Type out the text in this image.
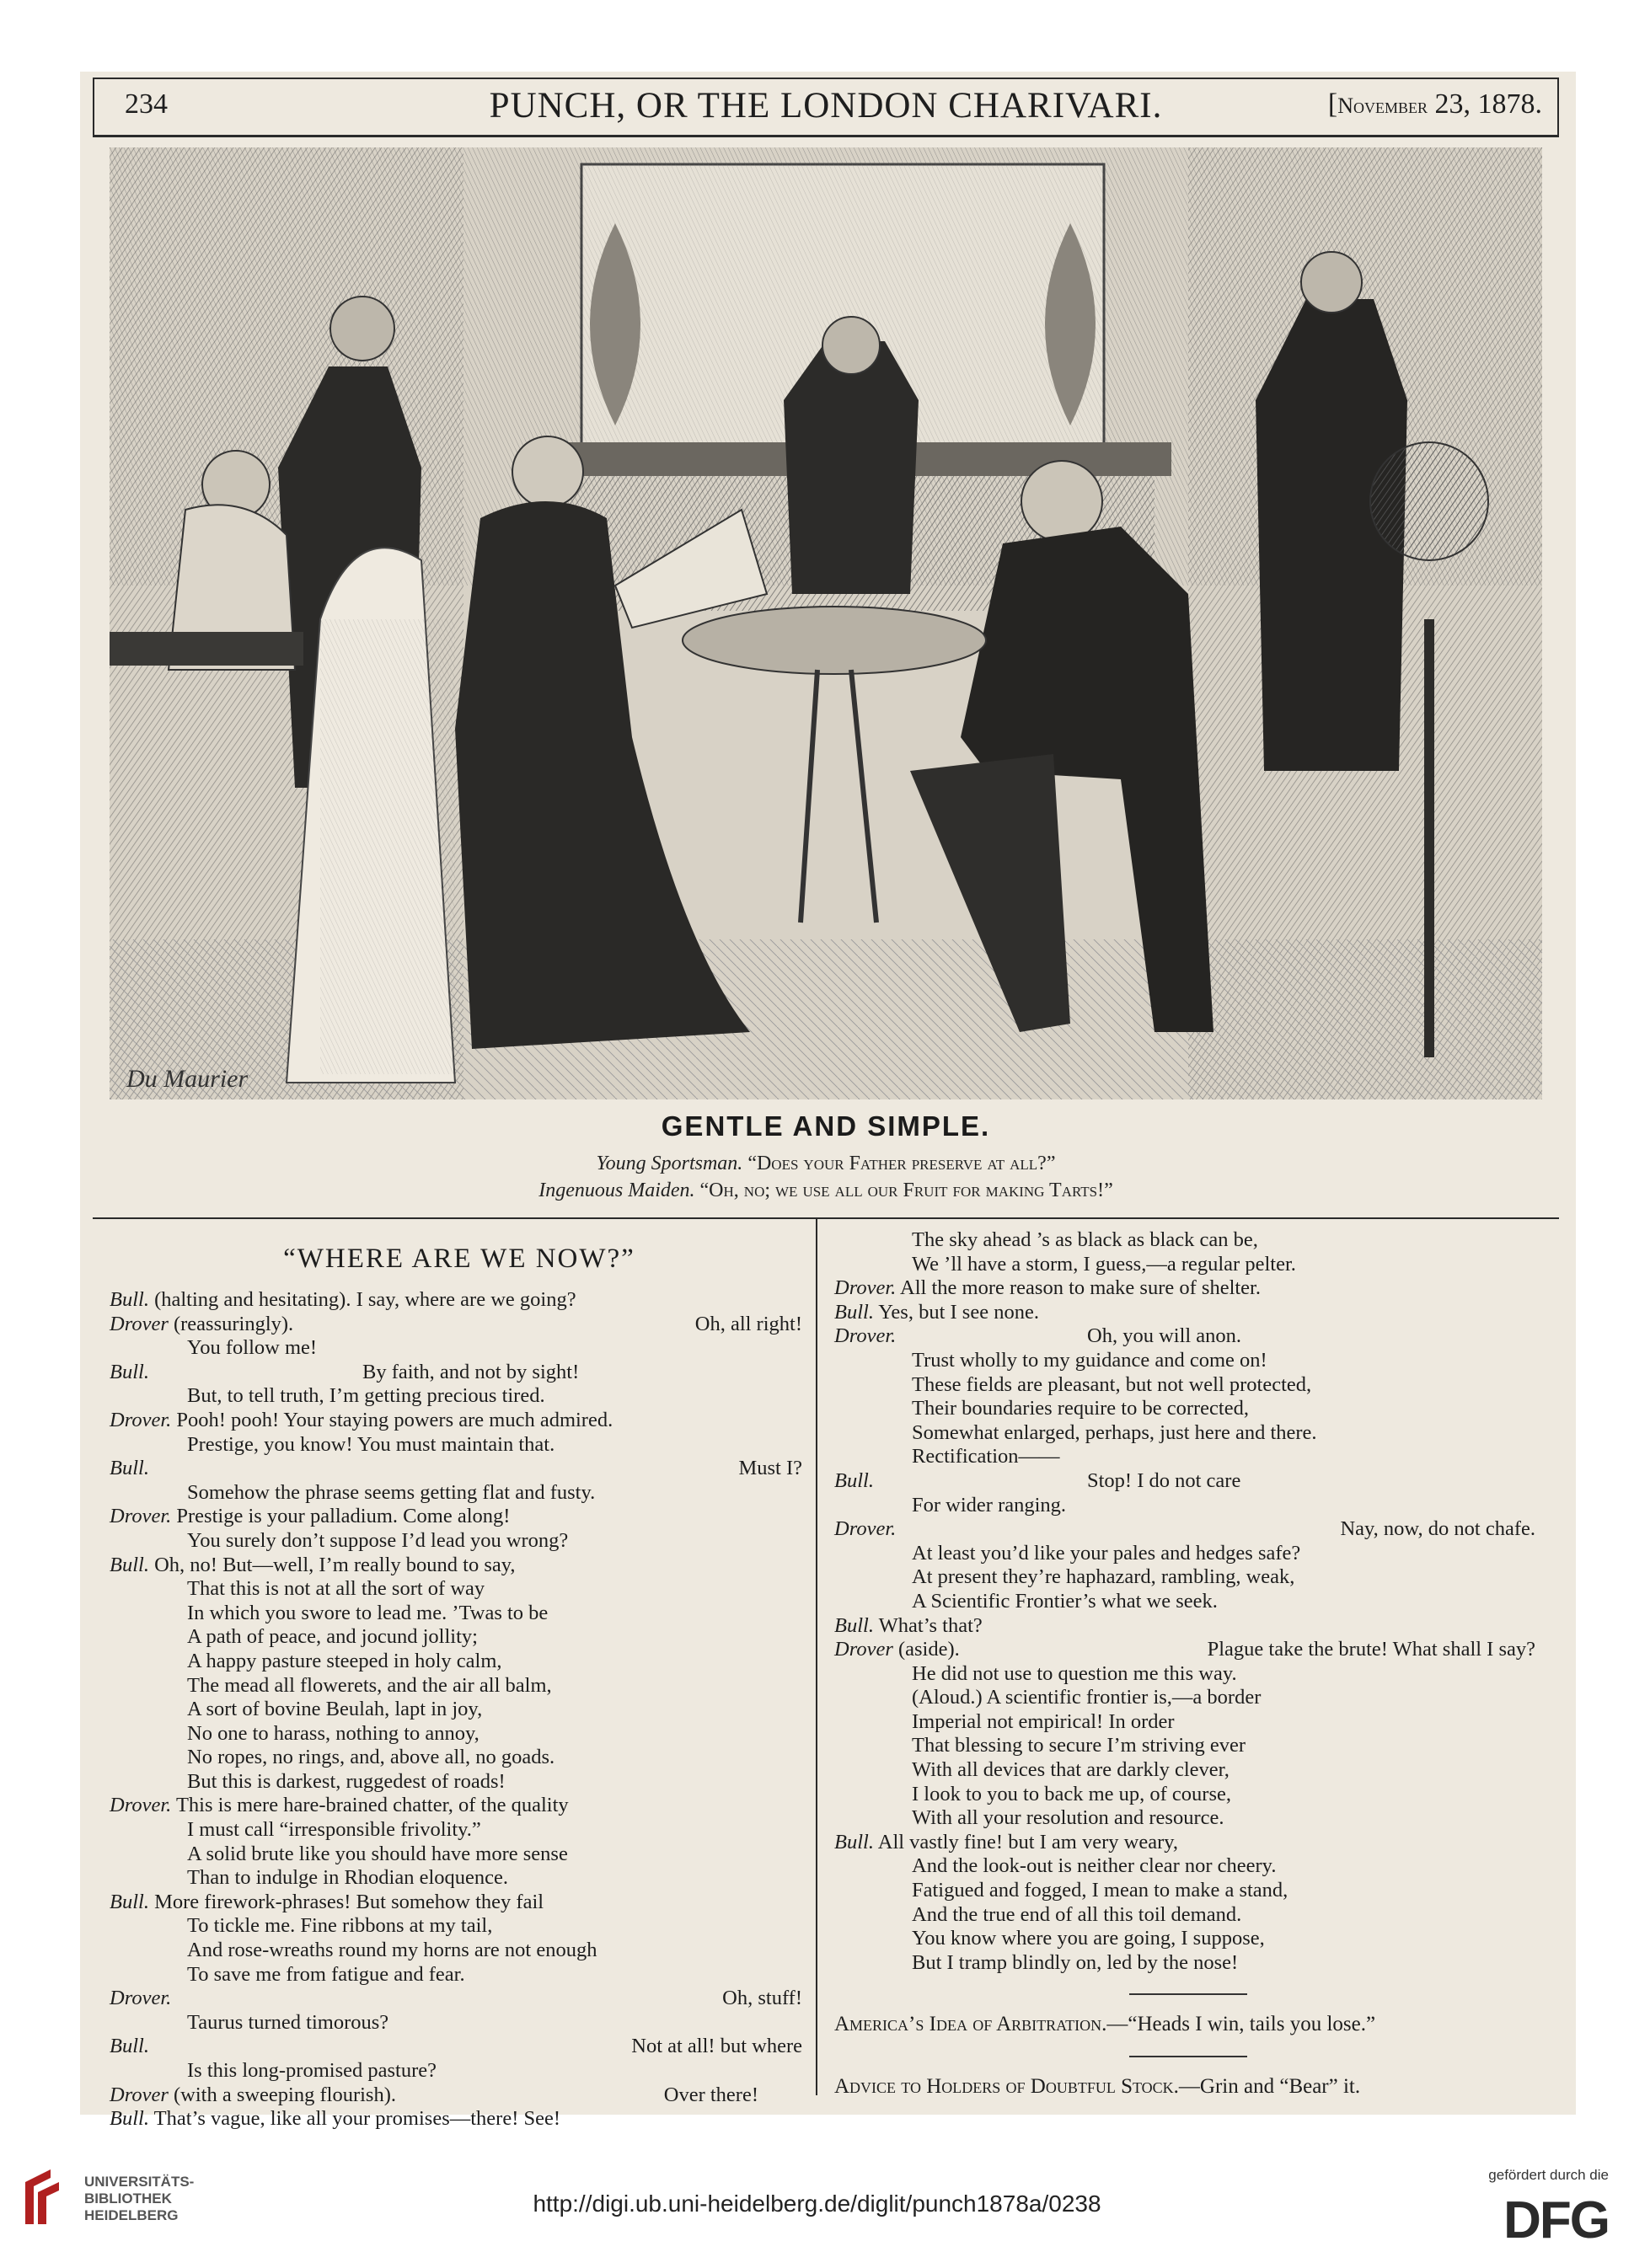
234	PUNCH, OR THE LONDON CHARIVARI.	[November 23, 1878.
Du Maurier
GENTLE AND SIMPLE.
Young Sportsman. “Does your Father preserve at all?”
Ingenuous Maiden. “Oh, no; we use all our Fruit for making Tarts!”
“WHERE ARE WE NOW?”
Bull. (halting and hesitating). I say, where are we going?
Drover (reassuringly).	Oh, all right!
You follow me!
Bull.	By faith, and not by sight!
But, to tell truth, I’m getting precious tired.
Drover. Pooh! pooh! Your staying powers are much admired.
Prestige, you know! You must maintain that.
Bull.	Must I?
Somehow the phrase seems getting flat and fusty.
Drover. Prestige is your palladium. Come along!
You surely don’t suppose I’d lead you wrong?
Bull. Oh, no! But—well, I’m really bound to say,
That this is not at all the sort of way
In which you swore to lead me. ’Twas to be
A path of peace, and jocund jollity;
A happy pasture steeped in holy calm,
The mead all flowerets, and the air all balm,
A sort of bovine Beulah, lapt in joy,
No one to harass, nothing to annoy,
No ropes, no rings, and, above all, no goads.
But this is darkest, ruggedest of roads!
Drover. This is mere hare-brained chatter, of the quality
I must call “irresponsible frivolity.”
A solid brute like you should have more sense
Than to indulge in Rhodian eloquence.
Bull. More firework-phrases! But somehow they fail
To tickle me. Fine ribbons at my tail,
And rose-wreaths round my horns are not enough
To save me from fatigue and fear.
Drover.	Oh, stuff!
Taurus turned timorous?
Bull.	Not at all! but where
Is this long-promised pasture?
Drover (with a sweeping flourish).	Over there!
Bull. That’s vague, like all your promises—there! See!
The sky ahead ’s as black as black can be,
We ’ll have a storm, I guess,—a regular pelter.
Drover. All the more reason to make sure of shelter.
Bull. Yes, but I see none.
Drover.	Oh, you will anon.
Trust wholly to my guidance and come on!
These fields are pleasant, but not well protected,
Their boundaries require to be corrected,
Somewhat enlarged, perhaps, just here and there.
Rectification——
Bull.	Stop! I do not care
For wider ranging.
Drover.	Nay, now, do not chafe.
At least you’d like your pales and hedges safe?
At present they’re haphazard, rambling, weak,
A Scientific Frontier’s what we seek.
Bull. What’s that?
Drover (aside).	Plague take the brute! What shall I say?
He did not use to question me this way.
(Aloud.) A scientific frontier is,—a border
Imperial not empirical! In order
That blessing to secure I’m striving ever
With all devices that are darkly clever,
I look to you to back me up, of course,
With all your resolution and resource.
Bull. All vastly fine! but I am very weary,
And the look-out is neither clear nor cheery.
Fatigued and fogged, I mean to make a stand,
And the true end of all this toil demand.
You know where you are going, I suppose,
But I tramp blindly on, led by the nose!
America’s Idea of Arbitration.—“Heads I win, tails you lose.”
Advice to Holders of Doubtful Stock.—Grin and “Bear” it.
UNIVERSITÄTS-
BIBLIOTHEK
HEIDELBERG	http://digi.ub.uni-heidelberg.de/diglit/punch1878a/0238
gefördert durch die
DFG
